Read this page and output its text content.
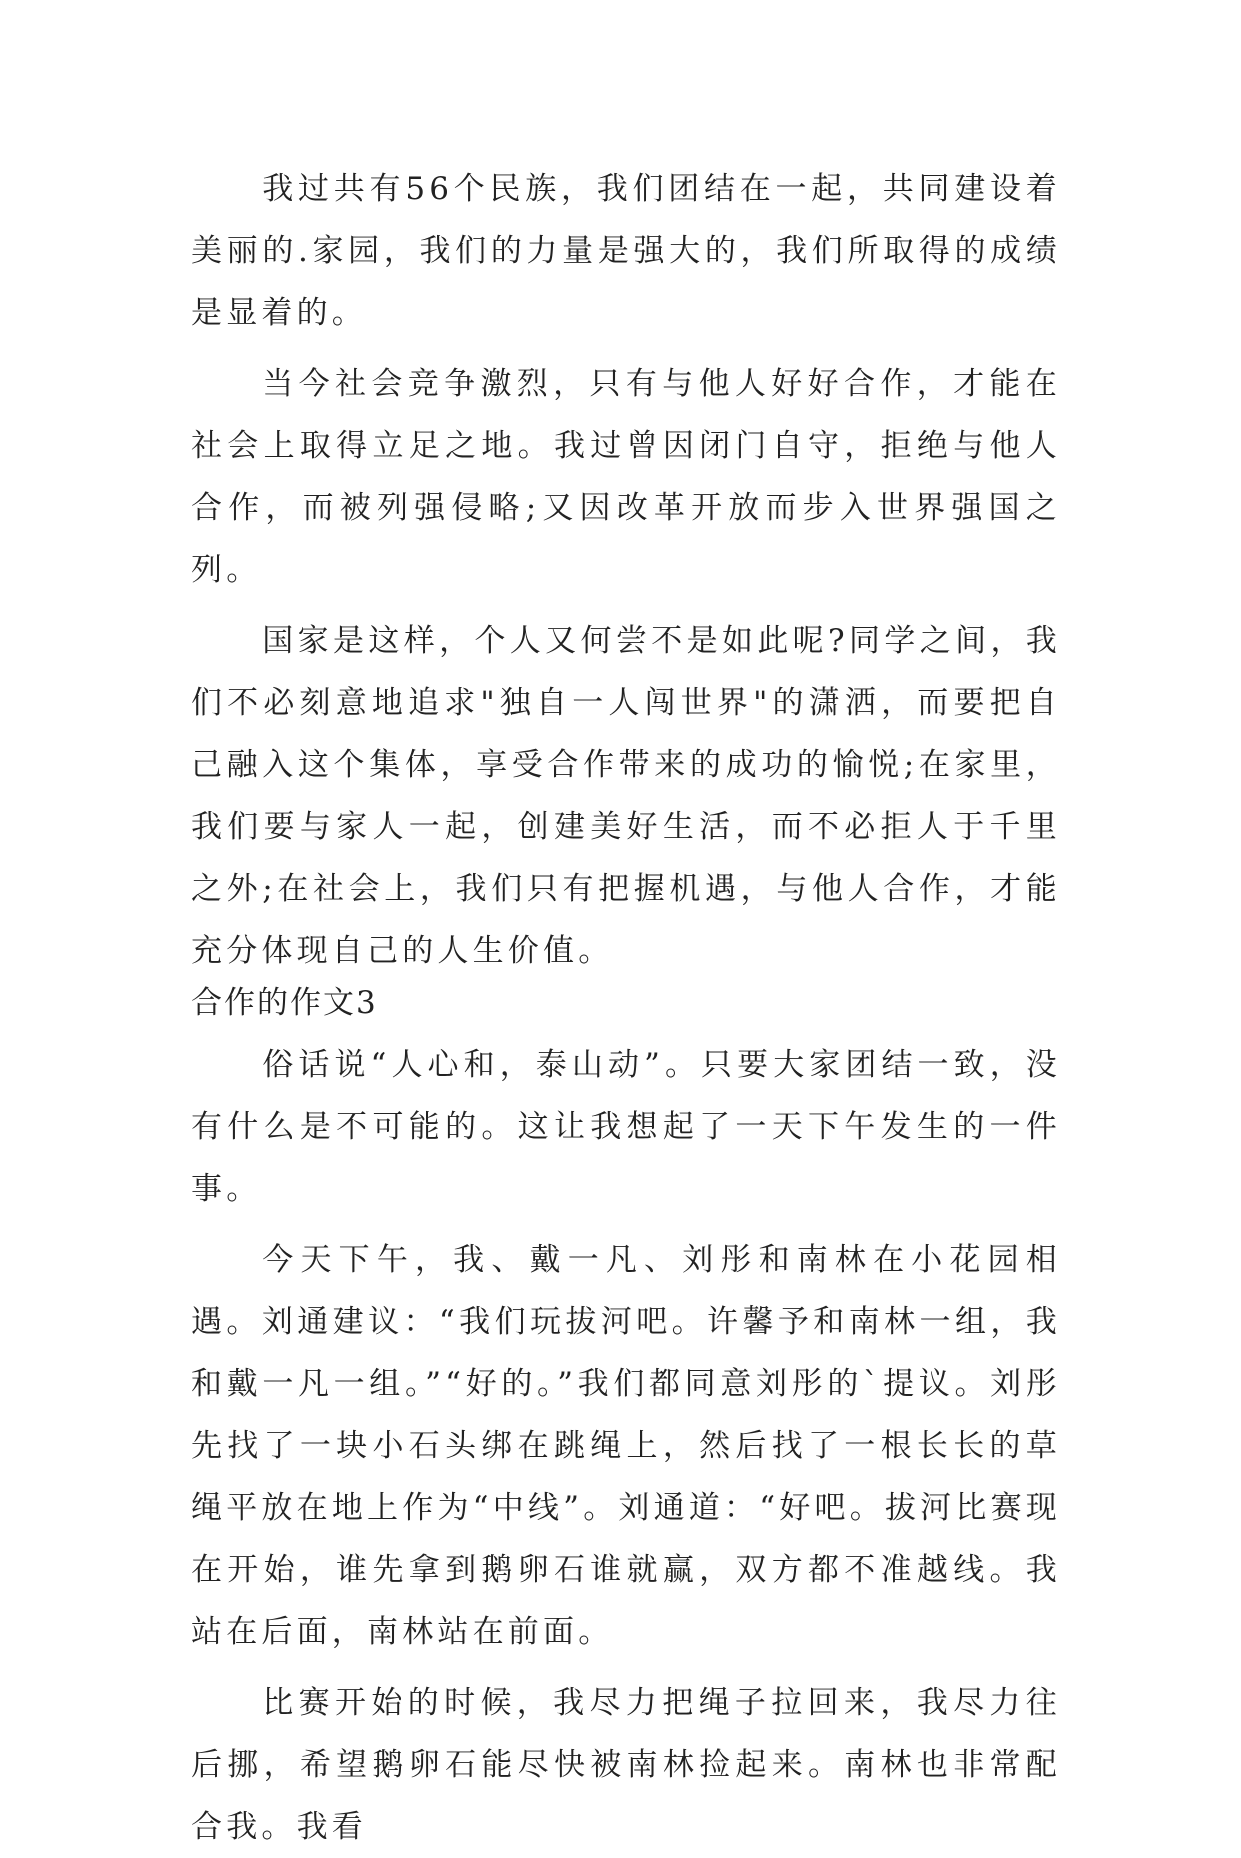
我过共有56个民族，我们团结在一起，共同建设着美丽的.家园，我们的力量是强大的，我们所取得的成绩是显着的。

当今社会竞争激烈，只有与他人好好合作，才能在社会上取得立足之地。我过曾因闭门自守，拒绝与他人合作，而被列强侵略;又因改革开放而步入世界强国之列。

国家是这样，个人又何尝不是如此呢?同学之间，我们不必刻意地追求"独自一人闯世界"的潇洒，而要把自己融入这个集体，享受合作带来的成功的愉悦;在家里，我们要与家人一起，创建美好生活，而不必拒人于千里之外;在社会上，我们只有把握机遇，与他人合作，才能充分体现自己的人生价值。

合作的作文3

俗话说“人心和，泰山动”。只要大家团结一致，没有什么是不可能的。这让我想起了一天下午发生的一件事。

今天下午，我、戴一凡、刘彤和南林在小花园相遇。刘通建议：“我们玩拔河吧。许馨予和南林一组，我和戴一凡一组。”“好的。”我们都同意刘彤的`提议。刘彤先找了一块小石头绑在跳绳上，然后找了一根长长的草绳平放在地上作为“中线”。刘通道：“好吧。拔河比赛现在开始，谁先拿到鹅卵石谁就赢，双方都不准越线。我站在后面，南林站在前面。

比赛开始的时候，我尽力把绳子拉回来，我尽力往后挪，希望鹅卵石能尽快被南林捡起来。南林也非常配合我。我看
